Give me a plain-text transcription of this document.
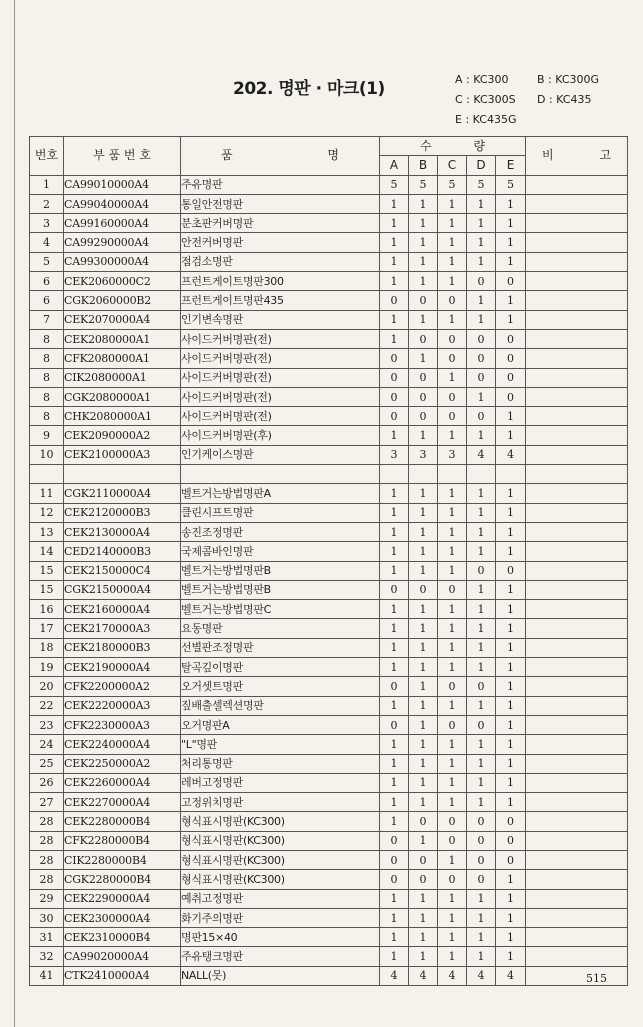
202. 명판 · 마크(1)	A : KC300	B : KC300G
C : KC300S D : KC435
E : KC435G
번호	부 품 번 호	품 명	수 량					비 고

			A	B	C	D	E	
1	CA99010000A4	주유명판	5	5	5	5	5	
2	CA99040000A4	통일안전명판	1	1	1	1	1	
3	CA99160000A4	분초판커버명판	1	1	1	1	1	
4	CA99290000A4	안전커버명판	1	1	1	1	1	
5	CA99300000A4	점검소명판	1	1	1	1	1	
6	CEK2060000C2	프런트게이트명판300	1	1	1	0	0	
6	CGK2060000B2	프런트게이트명판435	0	0	0	1	1	
7	CEK2070000A4	인기변속명판	1	1	1	1	1	
8	CEK2080000A1	사이드커버명판(전)	1	0	0	0	0	
8	CFK2080000A1	사이드커버명판(전)	0	1	0	0	0	
8	CIK2080000A1	사이드커버명판(전)	0	0	1	0	0	
8	CGK2080000A1	사이드커버명판(전)	0	0	0	1	0	
8	CHK2080000A1	사이드커버명판(전)	0	0	0	0	1	
9	CEK2090000A2	사이드커버명판(후)	1	1	1	1	1	
10	CEK2100000A3	인기케이스명판	3	3	3	4	4	

11	CGK2110000A4	벨트거는방법명판A	1	1	1	1	1	
12	CEK2120000B3	클린시프트명판	1	1	1	1	1	
13	CEK2130000A4	송진조정명판	1	1	1	1	1	
14	CED2140000B3	국제콤바인명판	1	1	1	1	1	
15	CEK2150000C4	벨트거는방법명판B	1	1	1	0	0	
15	CGK2150000A4	벨트거는방법명판B	0	0	0	1	1	
16	CEK2160000A4	벨트거는방법명판C	1	1	1	1	1	
17	CEK2170000A3	요동명판	1	1	1	1	1	
18	CEK2180000B3	선별판조정명판	1	1	1	1	1	
19	CEK2190000A4	탈곡깊이명판	1	1	1	1	1	
20	CFK2200000A2	오거셋트명판	0	1	0	0	1	
22	CEK2220000A3	짚배출셀렉션명판	1	1	1	1	1	
23	CFK2230000A3	오거명판A	0	1	0	0	1	
24	CEK2240000A4	"L"명판	1	1	1	1	1	
25	CEK2250000A2	처리통명판	1	1	1	1	1	
26	CEK2260000A4	레버고정명판	1	1	1	1	1	
27	CEK2270000A4	고정위치명판	1	1	1	1	1	
28	CEK2280000B4	형식표시명판(KC300)	1	0	0	0	0	
28	CFK2280000B4	형식표시명판(KC300)	0	1	0	0	0	
28	CIK2280000B4	형식표시명판(KC300)	0	0	1	0	0	
28	CGK2280000B4	형식표시명판(KC300)	0	0	0	0	1	
29	CEK2290000A4	예취고정명판	1	1	1	1	1	
30	CEK2300000A4	화기주의명판	1	1	1	1	1	
31	CEK2310000B4	명판15×40	1	1	1	1	1	
32	CA99020000A4	주유탱크명판	1	1	1	1	1	
41	CTK2410000A4	NALL(못)	4	4	4	4	4		515
